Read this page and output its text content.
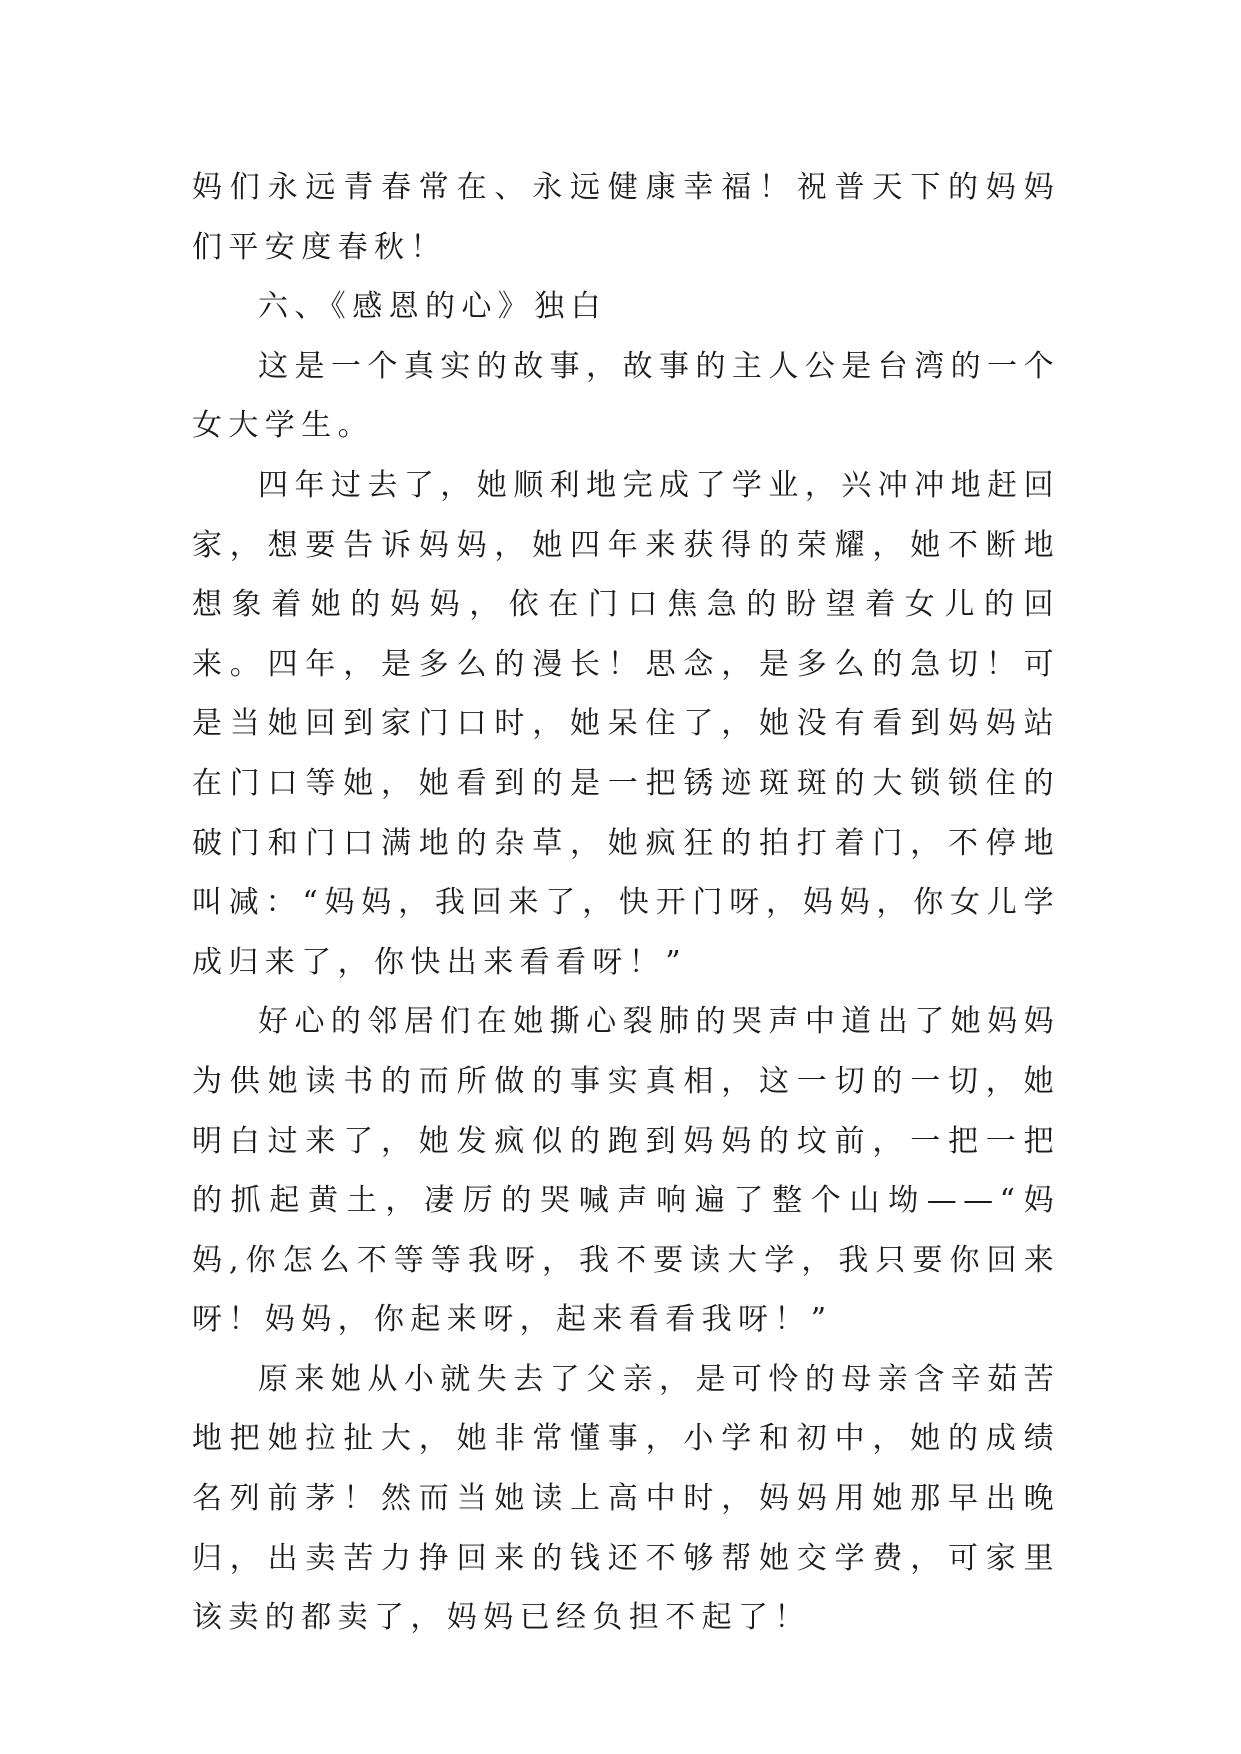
妈们永远青春常在、永远健康幸福！祝普天下的妈妈们平安度春秋！

六、《感恩的心》独白

这是一个真实的故事，故事的主人公是台湾的一个女大学生。

四年过去了，她顺利地完成了学业，兴冲冲地赶回家，想要告诉妈妈，她四年来获得的荣耀，她不断地想象着她的妈妈，依在门口焦急的盼望着女儿的回来。四年，是多么的漫长！思念，是多么的急切！可是当她回到家门口时，她呆住了，她没有看到妈妈站在门口等她，她看到的是一把锈迹斑斑的大锁锁住的破门和门口满地的杂草，她疯狂的拍打着门，不停地叫减：“妈妈，我回来了，快开门呀，妈妈，你女儿学成归来了，你快出来看看呀！”

好心的邻居们在她撕心裂肺的哭声中道出了她妈妈为供她读书的而所做的事实真相，这一切的一切，她明白过来了，她发疯似的跑到妈妈的坟前，一把一把的抓起黄土，凄厉的哭喊声响遍了整个山坳——“妈妈,你怎么不等等我呀，我不要读大学，我只要你回来呀！妈妈，你起来呀，起来看看我呀！”

原来她从小就失去了父亲，是可怜的母亲含辛茹苦地把她拉扯大，她非常懂事，小学和初中，她的成绩名列前茅！然而当她读上高中时，妈妈用她那早出晚归，出卖苦力挣回来的钱还不够帮她交学费，可家里该卖的都卖了，妈妈已经负担不起了！
